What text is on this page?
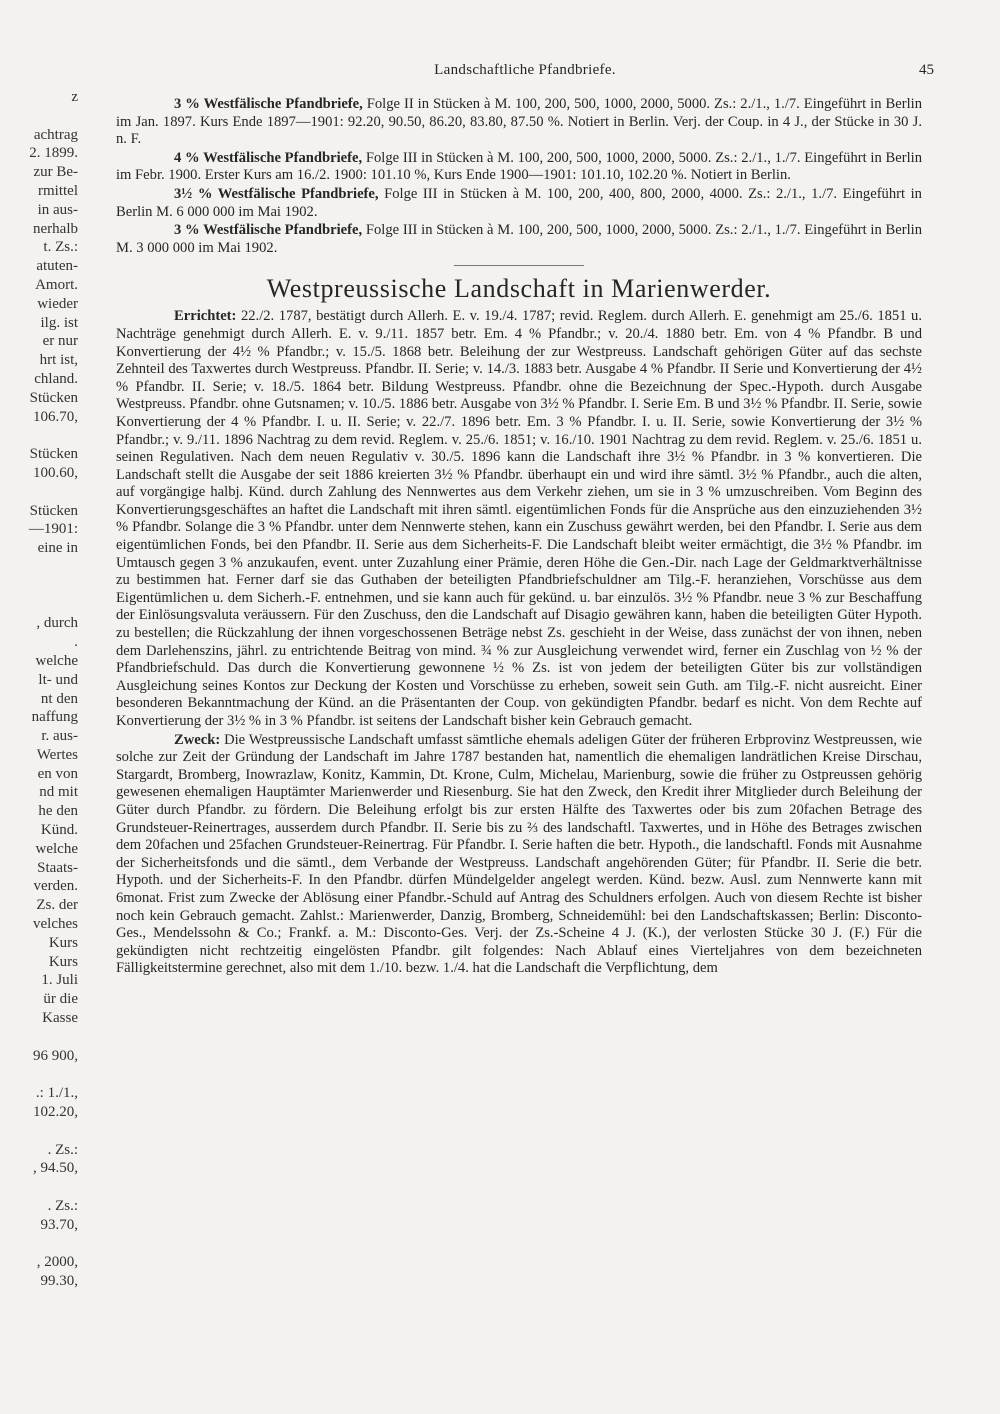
Landschaftliche Pfandbriefe.	45
z

achtrag
2. 1899.
zur Be-
rmittel
in aus-
nerhalb
t. Zs.:
atuten-
Amort.
wieder
ilg. ist
er nur
hrt ist,
chland.
Stücken
106.70,

Stücken
100.60,

Stücken
—1901:
eine in

, durch
.
welche
lt- und
nt den
naffung
r. aus-
Wertes
en von
nd mit
he den
Künd.
welche
Staats-
verden.
Zs. der
velches
Kurs
Kurs
1. Juli
ür die
Kasse

96 900,

.: 1./1.,
102.20,

. Zs.:
, 94.50,

. Zs.:
93.70,

, 2000,
99.30,

3 % Westfälische Pfandbriefe, Folge II in Stücken à M. 100, 200, 500, 1000, 2000, 5000. Zs.: 2./1., 1./7. Eingeführt in Berlin im Jan. 1897. Kurs Ende 1897—1901: 92.20, 90.50, 86.20, 83.80, 87.50 %. Notiert in Berlin. Verj. der Coup. in 4 J., der Stücke in 30 J. n. F.

4 % Westfälische Pfandbriefe, Folge III in Stücken à M. 100, 200, 500, 1000, 2000, 5000. Zs.: 2./1., 1./7. Eingeführt in Berlin im Febr. 1900. Erster Kurs am 16./2. 1900: 101.10 %, Kurs Ende 1900—1901: 101.10, 102.20 %. Notiert in Berlin.

3½ % Westfälische Pfandbriefe, Folge III in Stücken à M. 100, 200, 400, 800, 2000, 4000. Zs.: 2./1., 1./7. Eingeführt in Berlin M. 6 000 000 im Mai 1902.

3 % Westfälische Pfandbriefe, Folge III in Stücken à M. 100, 200, 500, 1000, 2000, 5000. Zs.: 2./1., 1./7. Eingeführt in Berlin M. 3 000 000 im Mai 1902.

Westpreussische Landschaft in Marienwerder.

Errichtet: 22./2. 1787, bestätigt durch Allerh. E. v. 19./4. 1787; revid. Reglem. durch Allerh. E. genehmigt am 25./6. 1851 u. Nachträge genehmigt durch Allerh. E. v. 9./11. 1857 betr. Em. 4 % Pfandbr.; v. 20./4. 1880 betr. Em. von 4 % Pfandbr. B und Konvertierung der 4½ % Pfandbr.; v. 15./5. 1868 betr. Beleihung der zur Westpreuss. Landschaft gehörigen Güter auf das sechste Zehnteil des Taxwertes durch Westpreuss. Pfandbr. II. Serie; v. 14./3. 1883 betr. Ausgabe 4 % Pfandbr. II Serie und Konvertierung der 4½ % Pfandbr. II. Serie; v. 18./5. 1864 betr. Bildung Westpreuss. Pfandbr. ohne die Bezeichnung der Spec.-Hypoth. durch Ausgabe Westpreuss. Pfandbr. ohne Gutsnamen; v. 10./5. 1886 betr. Ausgabe von 3½ % Pfandbr. I. Serie Em. B und 3½ % Pfandbr. II. Serie, sowie Konvertierung der 4 % Pfandbr. I. u. II. Serie; v. 22./7. 1896 betr. Em. 3 % Pfandbr. I. u. II. Serie, sowie Konvertierung der 3½ % Pfandbr.; v. 9./11. 1896 Nachtrag zu dem revid. Reglem. v. 25./6. 1851; v. 16./10. 1901 Nachtrag zu dem revid. Reglem. v. 25./6. 1851 u. seinen Regulativen. Nach dem neuen Regulativ v. 30./5. 1896 kann die Landschaft ihre 3½ % Pfandbr. in 3 % konvertieren. Die Landschaft stellt die Ausgabe der seit 1886 kreierten 3½ % Pfandbr. überhaupt ein und wird ihre sämtl. 3½ % Pfandbr., auch die alten, auf vorgängige halbj. Künd. durch Zahlung des Nennwertes aus dem Verkehr ziehen, um sie in 3 % umzuschreiben. Vom Beginn des Konvertierungsgeschäftes an haftet die Landschaft mit ihren sämtl. eigentümlichen Fonds für die Ansprüche aus den einzuziehenden 3½ % Pfandbr. Solange die 3 % Pfandbr. unter dem Nennwerte stehen, kann ein Zuschuss gewährt werden, bei den Pfandbr. I. Serie aus dem eigentümlichen Fonds, bei den Pfandbr. II. Serie aus dem Sicherheits-F. Die Landschaft bleibt weiter ermächtigt, die 3½ % Pfandbr. im Umtausch gegen 3 % anzukaufen, event. unter Zuzahlung einer Prämie, deren Höhe die Gen.-Dir. nach Lage der Geldmarktverhältnisse zu bestimmen hat. Ferner darf sie das Guthaben der beteiligten Pfandbriefschuldner am Tilg.-F. heranziehen, Vorschüsse aus dem Eigentümlichen u. dem Sicherh.-F. entnehmen, und sie kann auch für gekünd. u. bar einzulös. 3½ % Pfandbr. neue 3 % zur Beschaffung der Einlösungsvaluta veräussern. Für den Zuschuss, den die Landschaft auf Disagio gewähren kann, haben die beteiligten Güter Hypoth. zu bestellen; die Rückzahlung der ihnen vorgeschossenen Beträge nebst Zs. geschieht in der Weise, dass zunächst der von ihnen, neben dem Darlehenszins, jährl. zu entrichtende Beitrag von mind. ¾ % zur Ausgleichung verwendet wird, ferner ein Zuschlag von ½ % der Pfandbriefschuld. Das durch die Konvertierung gewonnene ½ % Zs. ist von jedem der beteiligten Güter bis zur vollständigen Ausgleichung seines Kontos zur Deckung der Kosten und Vorschüsse zu erheben, soweit sein Guth. am Tilg.-F. nicht ausreicht. Einer besonderen Bekanntmachung der Künd. an die Präsentanten der Coup. von gekündigten Pfandbr. bedarf es nicht. Von dem Rechte auf Konvertierung der 3½ % in 3 % Pfandbr. ist seitens der Landschaft bisher kein Gebrauch gemacht.

Zweck: Die Westpreussische Landschaft umfasst sämtliche ehemals adeligen Güter der früheren Erbprovinz Westpreussen, wie solche zur Zeit der Gründung der Landschaft im Jahre 1787 bestanden hat, namentlich die ehemaligen landrätlichen Kreise Dirschau, Stargardt, Bromberg, Inowrazlaw, Konitz, Kammin, Dt. Krone, Culm, Michelau, Marienburg, sowie die früher zu Ostpreussen gehörig gewesenen ehemaligen Hauptämter Marienwerder und Riesenburg. Sie hat den Zweck, den Kredit ihrer Mitglieder durch Beleihung der Güter durch Pfandbr. zu fördern. Die Beleihung erfolgt bis zur ersten Hälfte des Taxwertes oder bis zum 20fachen Betrage des Grundsteuer-Reinertrages, ausserdem durch Pfandbr. II. Serie bis zu ⅔ des landschaftl. Taxwertes, und in Höhe des Betrages zwischen dem 20fachen und 25fachen Grundsteuer-Reinertrag. Für Pfandbr. I. Serie haften die betr. Hypoth., die landschaftl. Fonds mit Ausnahme der Sicherheitsfonds und die sämtl., dem Verbande der Westpreuss. Landschaft angehörenden Güter; für Pfandbr. II. Serie die betr. Hypoth. und der Sicherheits-F. In den Pfandbr. dürfen Mündelgelder angelegt werden. Künd. bezw. Ausl. zum Nennwerte kann mit 6monat. Frist zum Zwecke der Ablösung einer Pfandbr.-Schuld auf Antrag des Schuldners erfolgen. Auch von diesem Rechte ist bisher noch kein Gebrauch gemacht. Zahlst.: Marienwerder, Danzig, Bromberg, Schneidemühl: bei den Landschaftskassen; Berlin: Disconto-Ges., Mendelssohn & Co.; Frankf. a. M.: Disconto-Ges. Verj. der Zs.-Scheine 4 J. (K.), der verlosten Stücke 30 J. (F.) Für die gekündigten nicht rechtzeitig eingelösten Pfandbr. gilt folgendes: Nach Ablauf eines Vierteljahres von dem bezeichneten Fälligkeitstermine gerechnet, also mit dem 1./10. bezw. 1./4. hat die Landschaft die Verpflichtung, dem
